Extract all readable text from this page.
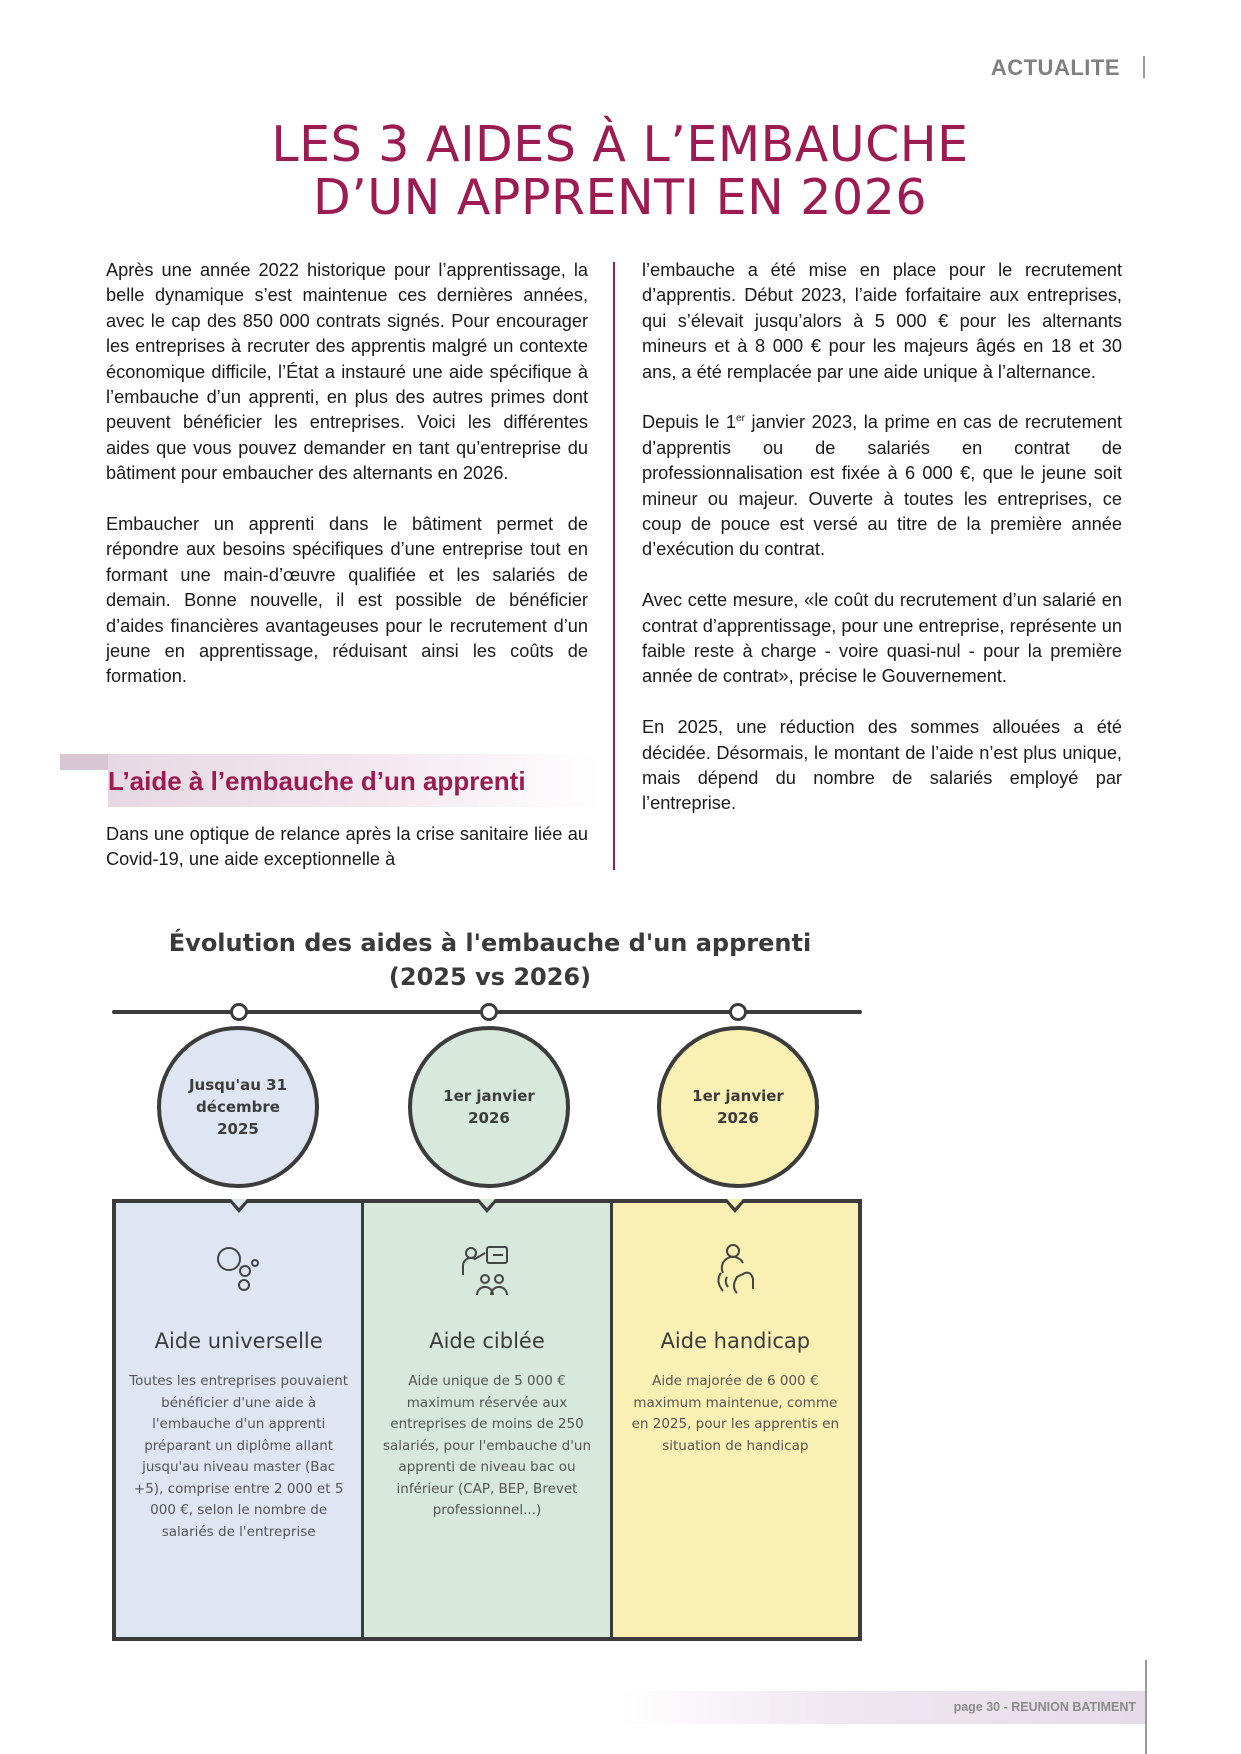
ACTUALITE
LES 3 AIDES À L’EMBAUCHE
D’UN APPRENTI EN 2026

Après une année 2022 historique pour l’apprentissage, la belle dynamique s’est maintenue ces dernières années, avec le cap des 850 000 contrats signés. Pour encourager les entreprises à recruter des apprentis malgré un contexte économique difficile, l’État a instauré une aide spécifique à l’embauche d’un apprenti, en plus des autres primes dont peuvent bénéficier les entreprises. Voici les différentes aides que vous pouvez demander en tant qu’entreprise du bâtiment pour embaucher des alternants en 2026.

Embaucher un apprenti dans le bâtiment permet de répondre aux besoins spécifiques d’une entreprise tout en formant une main-d’œuvre qualifiée et les salariés de demain. Bonne nouvelle, il est possible de bénéficier d’aides financières avantageuses pour le recrutement d’un jeune en apprentissage, réduisant ainsi les coûts de formation.

L’aide à l’embauche d’un apprenti

Dans une optique de relance après la crise sanitaire liée au Covid-19, une aide exceptionnelle à

l’embauche a été mise en place pour le recrutement d’apprentis. Début 2023, l’aide forfaitaire aux entreprises, qui s’élevait jusqu’alors à 5 000 € pour les alternants mineurs et à 8 000 € pour les majeurs âgés en 18 et 30 ans, a été remplacée par une aide unique à l’alternance.

Depuis le 1er janvier 2023, la prime en cas de recrutement d’apprentis ou de salariés en contrat de professionnalisation est fixée à 6 000 €, que le jeune soit mineur ou majeur. Ouverte à toutes les entreprises, ce coup de pouce est versé au titre de la première année d’exécution du contrat.

Avec cette mesure, «le coût du recrutement d’un salarié en contrat d’apprentissage, pour une entreprise, représente un faible reste à charge - voire quasi-nul - pour la première année de contrat», précise le Gouvernement.

En 2025, une réduction des sommes allouées a été décidée. Désormais, le montant de l’aide n’est plus unique, mais dépend du nombre de salariés employé par l’entreprise.

Évolution des aides à l'embauche d'un apprenti
(2025 vs 2026)
Jusqu'au 31 décembre 2025
1er janvier 2026
1er janvier 2026
Aide universelle
Toutes les entreprises pouvaient bénéficier d'une aide à l'embauche d'un apprenti préparant un diplôme allant jusqu'au niveau master (Bac +5), comprise entre 2 000 et 5 000 €, selon le nombre de salariés de l'entreprise
Aide ciblée
Aide unique de 5 000 € maximum réservée aux entreprises de moins de 250 salariés, pour l'embauche d'un apprenti de niveau bac ou inférieur (CAP, BEP, Brevet professionnel...)
Aide handicap
Aide majorée de 6 000 € maximum maintenue, comme en 2025, pour les apprentis en situation de handicap
page 30 - REUNION BATIMENT
